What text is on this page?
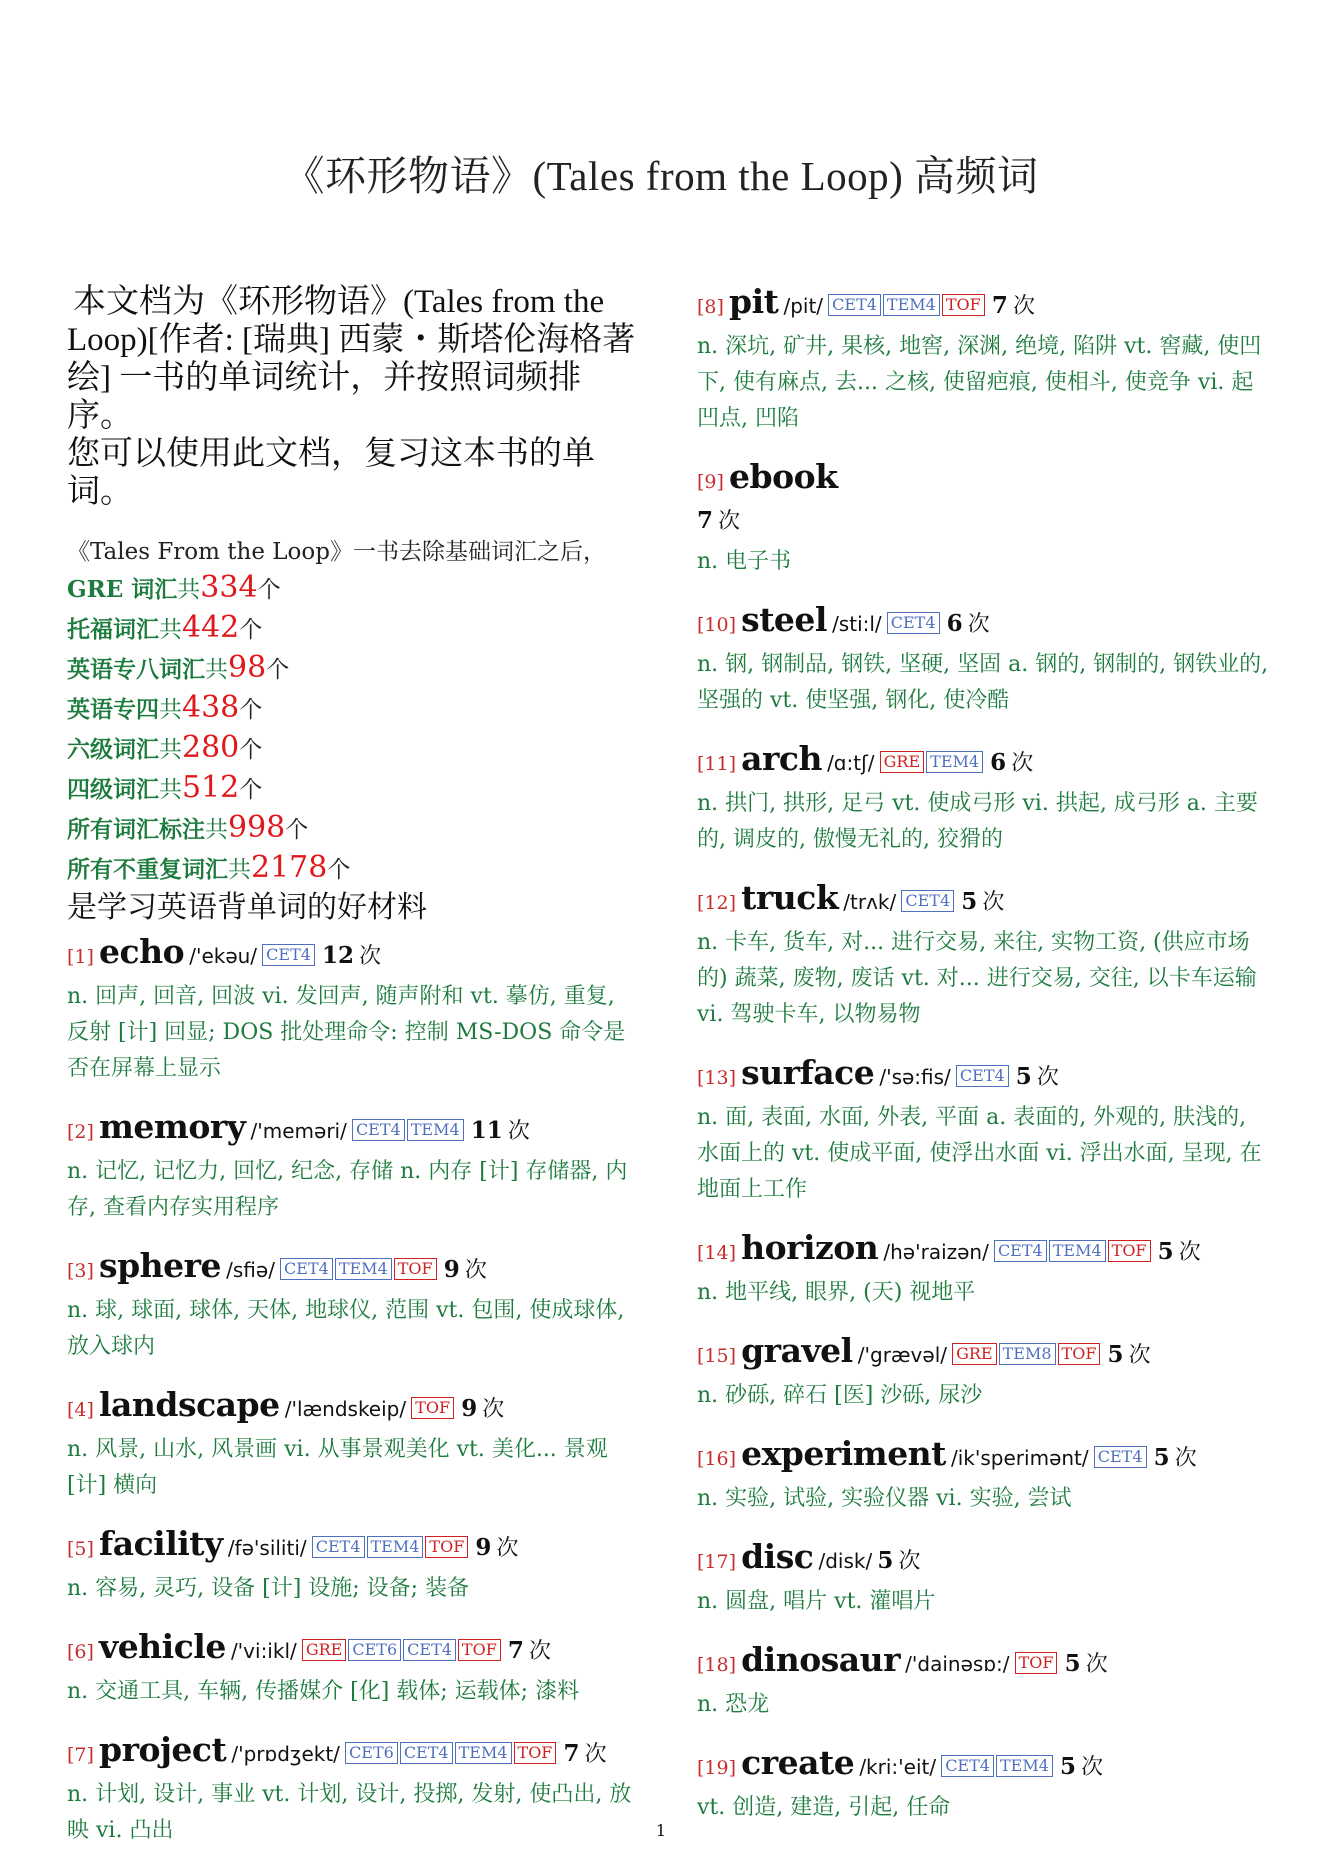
《环形物语》(Tales from the Loop) 高频词

本文档为《环形物语》(Tales from the Loop)[作者: [瑞典] 西蒙・斯塔伦海格著绘] 一书的单词统计，并按照词频排序。

您可以使用此文档，复习这本书的单词。

《Tales From the Loop》一书去除基础词汇之后，
GRE 词汇共334个
托福词汇共442个
英语专八词汇共98个
英语专四共438个
六级词汇共280个
四级词汇共512个
所有词汇标注共998个
所有不重复词汇共2178个
是学习英语背单词的好材料
[1] echo /'ekəu/ CET4 12 次
n. 回声, 回音, 回波 vi. 发回声, 随声附和 vt. 摹仿, 重复, 反射 [计] 回显; DOS 批处理命令: 控制 MS-DOS 命令是否在屏幕上显示
[2] memory /'meməri/ CET4 TEM4 11 次
n. 记忆, 记忆力, 回忆, 纪念, 存储 n. 内存 [计] 存储器, 内存, 查看内存实用程序
[3] sphere /sfiə/ CET4 TEM4 TOF 9 次
n. 球, 球面, 球体, 天体, 地球仪, 范围 vt. 包围, 使成球体, 放入球内
[4] landscape /'lændskeip/ TOF 9 次
n. 风景, 山水, 风景画 vi. 从事景观美化 vt. 美化... 景观 [计] 横向
[5] facility /fə'siliti/ CET4 TEM4 TOF 9 次
n. 容易, 灵巧, 设备 [计] 设施; 设备; 装备
[6] vehicle /'vi:ikl/ GRE CET6 CET4 TOF 7 次
n. 交通工具, 车辆, 传播媒介 [化] 载体; 运载体; 漆料
[7] project /'prɒdʒekt/ CET6 CET4 TEM4 TOF 7 次
n. 计划, 设计, 事业 vt. 计划, 设计, 投掷, 发射, 使凸出, 放映 vi. 凸出
[8] pit /pit/ CET4 TEM4 TOF 7 次
n. 深坑, 矿井, 果核, 地窖, 深渊, 绝境, 陷阱 vt. 窖藏, 使凹下, 使有麻点, 去... 之核, 使留疤痕, 使相斗, 使竞争 vi. 起凹点, 凹陷
[9] ebook
7 次
n. 电子书
[10] steel /sti:l/ CET4 6 次
n. 钢, 钢制品, 钢铁, 坚硬, 坚固 a. 钢的, 钢制的, 钢铁业的, 坚强的 vt. 使坚强, 钢化, 使冷酷
[11] arch /ɑ:tʃ/ GRE TEM4 6 次
n. 拱门, 拱形, 足弓 vt. 使成弓形 vi. 拱起, 成弓形 a. 主要的, 调皮的, 傲慢无礼的, 狡猾的
[12] truck /trʌk/ CET4 5 次
n. 卡车, 货车, 对... 进行交易, 来往, 实物工资, (供应市场的) 蔬菜, 废物, 废话 vt. 对... 进行交易, 交往, 以卡车运输 vi. 驾驶卡车, 以物易物
[13] surface /'sə:fis/ CET4 5 次
n. 面, 表面, 水面, 外表, 平面 a. 表面的, 外观的, 肤浅的, 水面上的 vt. 使成平面, 使浮出水面 vi. 浮出水面, 呈现, 在地面上工作
[14] horizon /hə'raizən/ CET4 TEM4 TOF 5 次
n. 地平线, 眼界, (天) 视地平
[15] gravel /'grævəl/ GRE TEM8 TOF 5 次
n. 砂砾, 碎石 [医] 沙砾, 尿沙
[16] experiment /ik'sperimənt/ CET4 5 次
n. 实验, 试验, 实验仪器 vi. 实验, 尝试
[17] disc /disk/ 5 次
n. 圆盘, 唱片 vt. 灌唱片
[18] dinosaur /'dainəsɒ:/ TOF 5 次
n. 恐龙
[19] create /kri:'eit/ CET4 TEM4 5 次
vt. 创造, 建造, 引起, 任命
1
